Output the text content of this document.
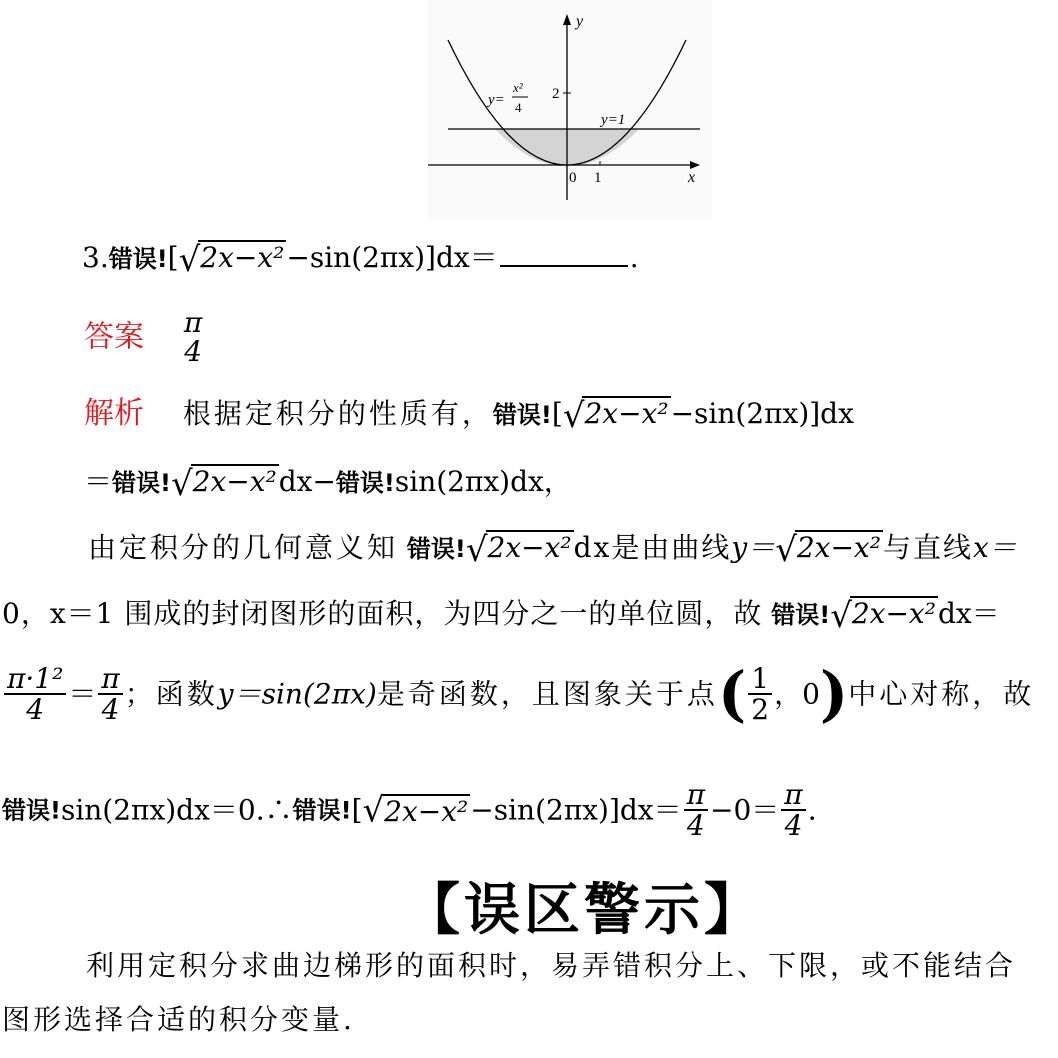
y
x
2
0 1
y=
x²
4
y=1
3.错误![√2x−x²−sin(2πx)]dx＝	.
答案 π
4
解析 根据定积分的性质有，错误![√2x−x²−sin(2πx)]dx
＝错误!√2x−x²dx−错误!sin(2πx)dx，
由定积分的几何意义知 错误!√2x−x²dx是由曲线y＝√2x−x²与直线x＝
0，x＝1 围成的封闭图形的面积，为四分之一的单位圆，故 错误!√2x−x²dx＝
$\frac{\text{π·1²}}{4} = \frac{\pi}{4}$ ；函数y＝sin(2πx)是奇函数，且图象关于点( $\frac{1}{2}$ ，0)中心对称，故
错误!sin(2πx)dx＝0.∴错误$![√2x-x^2-\sin(2\pi x)]dx= \frac{\pi}{4} -0= \frac{\pi}{4}$ .
【误区警示】
利用定积分求曲边梯形的面积时，易弄错积分上、下限，或不能结合
图形选择合适的积分变量.
